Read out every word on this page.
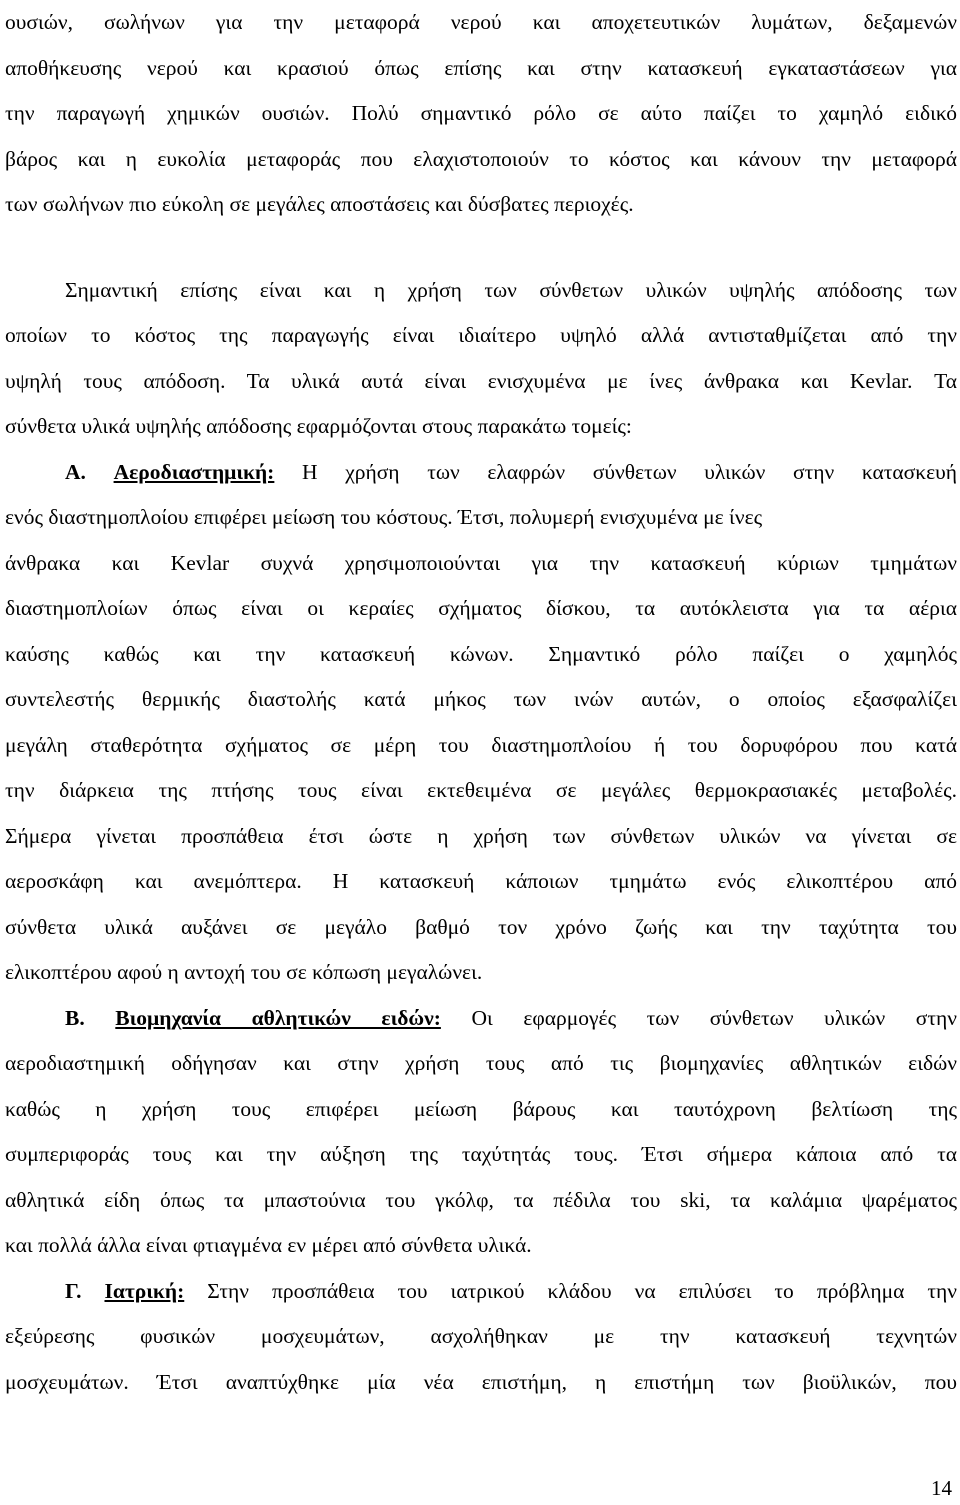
ουσιών, σωλήνων για την μεταφορά νερού και αποχετευτικών λυμάτων, δεξαμενών
αποθήκευσης νερού και κρασιού όπως επίσης και στην κατασκευή εγκαταστάσεων για
την παραγωγή χημικών ουσιών. Πολύ σημαντικό ρόλο σε αύτο παίζει το χαμηλό ειδικό
βάρος και η ευκολία μεταφοράς που ελαχιστοποιούν το κόστος και κάνουν την μεταφορά
των σωλήνων πιο εύκολη σε μεγάλες αποστάσεις και δύσβατες περιοχές.
Σημαντική επίσης είναι και η χρήση των σύνθετων υλικών υψηλής απόδοσης των
οποίων το κόστος της παραγωγής είναι ιδιαίτερο υψηλό αλλά αντισταθμίζεται από την
υψηλή τους απόδοση. Τα υλικά αυτά είναι ενισχυμένα με ίνες άνθρακα και Kevlar. Τα
σύνθετα υλικά υψηλής απόδοσης εφαρμόζονται στους παρακάτω τομείς:
Α. Αεροδιαστημική: Η χρήση των ελαφρών σύνθετων υλικών στην κατασκευή
ενός διαστημοπλοίου επιφέρει μείωση του κόστους. Έτσι, πολυμερή ενισχυμένα με ίνες
άνθρακα και Kevlar συχνά χρησιμοποιούνται για την κατασκευή κύριων τμημάτων
διαστημοπλοίων όπως είναι οι κεραίες σχήματος δίσκου, τα αυτόκλειστα για τα αέρια
καύσης καθώς και την κατασκευή κώνων. Σημαντικό ρόλο παίζει ο χαμηλός
συντελεστής θερμικής διαστολής κατά μήκος των ινών αυτών, ο οποίος εξασφαλίζει
μεγάλη σταθερότητα σχήματος σε μέρη του διαστημοπλοίου ή του δορυφόρου που κατά
την διάρκεια της πτήσης τους είναι εκτεθειμένα σε μεγάλες θερμοκρασιακές μεταβολές.
Σήμερα γίνεται προσπάθεια έτσι ώστε η χρήση των σύνθετων υλικών να γίνεται σε
αεροσκάφη και ανεμόπτερα. Η κατασκευή κάποιων τμημάτω ενός ελικοπτέρου από
σύνθετα υλικά αυξάνει σε μεγάλο βαθμό τον χρόνο ζωής και την ταχύτητα του
ελικοπτέρου αφού η αντοχή του σε κόπωση μεγαλώνει.
Β. Βιομηχανία αθλητικών ειδών: Οι εφαρμογές των σύνθετων υλικών στην
αεροδιαστημική οδήγησαν και στην χρήση τους από τις βιομηχανίες αθλητικών ειδών
καθώς η χρήση τους επιφέρει μείωση βάρους και ταυτόχρονη βελτίωση της
συμπεριφοράς τους και την αύξηση της ταχύτητάς τους. Έτσι σήμερα κάποια από τα
αθλητικά είδη όπως τα μπαστούνια του γκόλφ, τα πέδιλα του ski, τα καλάμια ψαρέματος
και πολλά άλλα είναι φτιαγμένα εν μέρει από σύνθετα υλικά.
Γ. Ιατρική: Στην προσπάθεια του ιατρικού κλάδου να επιλύσει το πρόβλημα την
εξεύρεσης φυσικών μοσχευμάτων, ασχολήθηκαν με την κατασκευή τεχνητών
μοσχευμάτων. Έτσι αναπτύχθηκε μία νέα επιστήμη, η επιστήμη των βιοϋλικών, που
14
